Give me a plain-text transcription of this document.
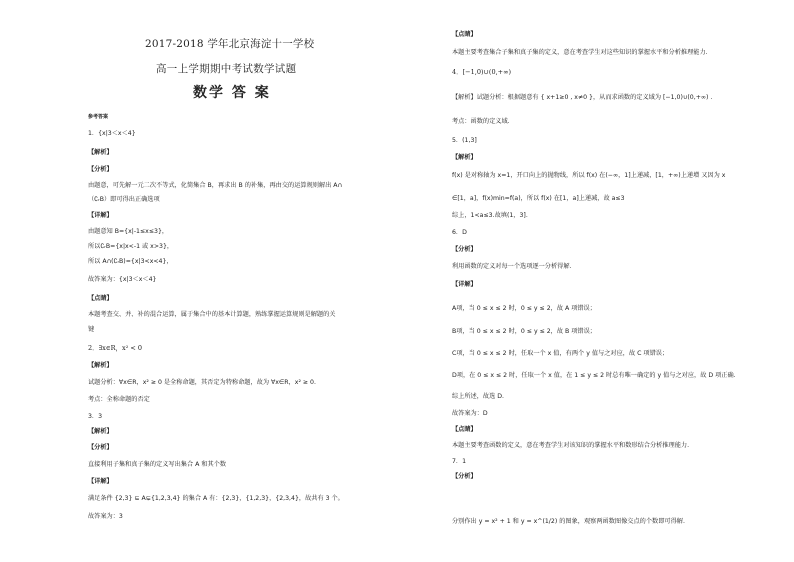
2017-2018 学年北京海淀十一学校
高一上学期期中考试数学试题
数学 答 案
参考答案
1．{x|3＜x＜4}
【解析】
【分析】
由题意，可先解一元二次不等式，化简集合 B，再求出 B 的补集，再由交的运算规则解出 A∩
（∁ᵣB）即可得出正确选项
【详解】
由题意知 B={x|-1≤x≤3}，
所以∁ᵣB={x|x<-1 或 x>3}，
所以 A∩(∁ᵣB)={x|3<x<4}，
故答案为：{x|3＜x＜4}
【点睛】
本题考查交、并、补的混合运算，属于集合中的基本计算题，熟练掌握运算规则是解题的关
键
2．∃x∈R，x² < 0
【解析】
试题分析：∀x∈R，x² ≥ 0 是全称命题，其否定为特称命题，故为 ∀x∈R，x² ≥ 0.
考点：全称命题的否定
3．3
【解析】
【分析】
直接利用子集和真子集的定义写出集合 A 和其个数
【详解】
满足条件 {2,3} ⊆ A⊊{1,2,3,4} 的集合 A 有：{2,3}，{1,2,3}，{2,3,4}，故共有 3 个。
故答案为：3
【点睛】
本题主要考查集合子集和真子集的定义，意在考查学生对这些知识的掌握水平和分析推理能力.
4．[−1,0)∪(0,+∞)
【解析】试题分析：根据题意有 { x+1≥0 , x≠0 }，从而求函数的定义域为 [−1,0)∪(0,+∞) .
考点：函数的定义域.
5．(1,3]
【解析】
f(x) 是对称轴为 x=1，开口向上的抛物线，所以 f(x) 在(−∞，1]上递减，[1，+∞)上递增 又因为 x
∈[1，a]，f(x)min=f(a)，所以 f(x) 在[1，a]上递减，故 a≤3
综上，1<a≤3.故填(1，3].
6．D
【分析】
利用函数的定义对每一个选项逐一分析得解.
【详解】
A项，当 0 ≤ x ≤ 2 时，0 ≤ y ≤ 2，故 A 项错误；
B项，当 0 ≤ x ≤ 2 时，0 ≤ y ≤ 2，故 B 项错误；
C项，当 0 ≤ x ≤ 2 时，任取一个 x 值，有两个 y 值与之对应，故 C 项错误；
D项，在 0 ≤ x ≤ 2 时，任取一个 x 值，在 1 ≤ y ≤ 2 时总有唯一确定的 y 值与之对应，故 D 项正确.
综上所述，故选 D.
故答案为：D
【点睛】
本题主要考查函数的定义，意在考查学生对该知识的掌握水平和数形结合分析推理能力.
7．1
【分析】
分别作出 y = x² + 1 和 y = x^(1/2) 的图象，观察两函数图像交点的个数即可得解.
